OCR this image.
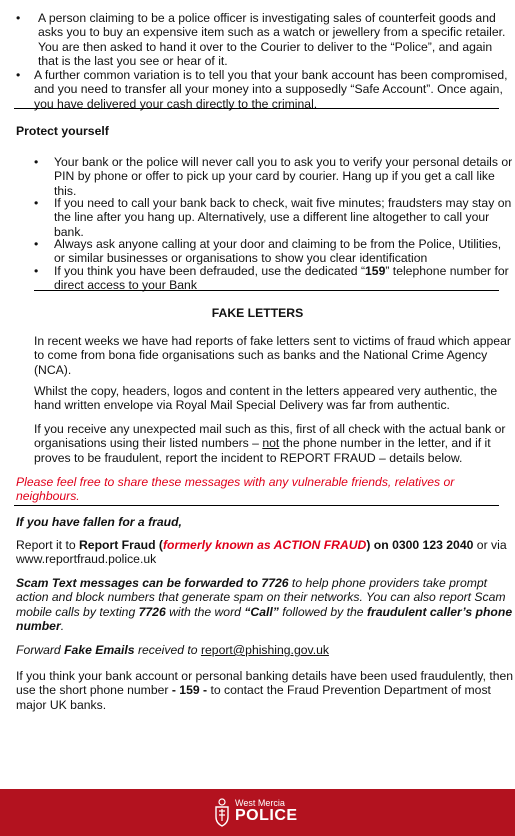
• A person claiming to be a police officer is investigating sales of counterfeit goods and
asks you to buy an expensive item such as a watch or jewellery from a specific retailer.
You are then asked to hand it over to the Courier to deliver to the “Police”, and again
that is the last you see or hear of it.
• A further common variation is to tell you that your bank account has been compromised,
and you need to transfer all your money into a supposedly “Safe Account”. Once again,
you have delivered your cash directly to the criminal.
Protect yourself
• Your bank or the police will never call you to ask you to verify your personal details or
PIN by phone or offer to pick up your card by courier. Hang up if you get a call like
this.
• If you need to call your bank back to check, wait five minutes; fraudsters may stay on
the line after you hang up. Alternatively, use a different line altogether to call your
bank.
• Always ask anyone calling at your door and claiming to be from the Police, Utilities,
or similar businesses or organisations to show you clear identification
• If you think you have been defrauded, use the dedicated “159” telephone number for
direct access to your Bank
FAKE LETTERS
In recent weeks we have had reports of fake letters sent to victims of fraud which appear
to come from bona fide organisations such as banks and the National Crime Agency
(NCA).
Whilst the copy, headers, logos and content in the letters appeared very authentic, the
hand written envelope via Royal Mail Special Delivery was far from authentic.
If you receive any unexpected mail such as this, first of all check with the actual bank or
organisations using their listed numbers – not the phone number in the letter, and if it
proves to be fraudulent, report the incident to REPORT FRAUD – details below.
Please feel free to share these messages with any vulnerable friends, relatives or
neighbours.
If you have fallen for a fraud,
Report it to Report Fraud (formerly known as ACTION FRAUD) on 0300 123 2040 or via
www.reportfraud.police.uk
Scam Text messages can be forwarded to 7726 to help phone providers take prompt
action and block numbers that generate spam on their networks. You can also report Scam
mobile calls by texting 7726 with the word “Call” followed by the fraudulent caller’s phone
number.
Forward Fake Emails received to report@phishing.gov.uk
If you think your bank account or personal banking details have been used fraudulently, then
use the short phone number - 159 - to contact the Fraud Prevention Department of most
major UK banks.
West Mercia
POLICE
